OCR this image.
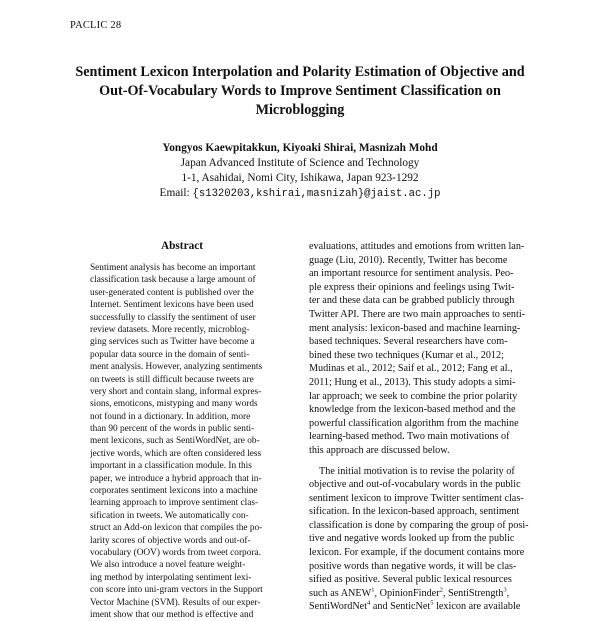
PACLIC 28
Sentiment Lexicon Interpolation and Polarity Estimation of Objective and
Out-Of-Vocabulary Words to Improve Sentiment Classification on
Microblogging
Yongyos Kaewpitakkun, Kiyoaki Shirai, Masnizah Mohd
Japan Advanced Institute of Science and Technology
1-1, Asahidai, Nomi City, Ishikawa, Japan 923-1292
Email: {s1320203,kshirai,masnizah}@jaist.ac.jp
Abstract
Sentiment analysis has become an important
classification task because a large amount of
user-generated content is published over the
Internet. Sentiment lexicons have been used
successfully to classify the sentiment of user
review datasets. More recently, microblog-
ging services such as Twitter have become a
popular data source in the domain of senti-
ment analysis. However, analyzing sentiments
on tweets is still difficult because tweets are
very short and contain slang, informal expres-
sions, emoticons, mistyping and many words
not found in a dictionary. In addition, more
than 90 percent of the words in public senti-
ment lexicons, such as SentiWordNet, are ob-
jective words, which are often considered less
important in a classification module. In this
paper, we introduce a hybrid approach that in-
corporates sentiment lexicons into a machine
learning approach to improve sentiment clas-
sification in tweets. We automatically con-
struct an Add-on lexicon that compiles the po-
larity scores of objective words and out-of-
vocabulary (OOV) words from tweet corpora.
We also introduce a novel feature weight-
ing method by interpolating sentiment lexi-
con score into uni-gram vectors in the Support
Vector Machine (SVM). Results of our exper-
iment show that our method is effective and
evaluations, attitudes and emotions from written lan-
guage (Liu, 2010). Recently, Twitter has become
an important resource for sentiment analysis. Peo-
ple express their opinions and feelings using Twit-
ter and these data can be grabbed publicly through
Twitter API. There are two main approaches to senti-
ment analysis: lexicon-based and machine learning-
based techniques. Several researchers have com-
bined these two techniques (Kumar et al., 2012;
Mudinas et al., 2012; Saif et al., 2012; Fang et al.,
2011; Hung et al., 2013). This study adopts a simi-
lar approach; we seek to combine the prior polarity
knowledge from the lexicon-based method and the
powerful classification algorithm from the machine
learning-based method. Two main motivations of
this approach are discussed below.
The initial motivation is to revise the polarity of
objective and out-of-vocabulary words in the public
sentiment lexicon to improve Twitter sentiment clas-
sification. In the lexicon-based approach, sentiment
classification is done by comparing the group of posi-
tive and negative words looked up from the public
lexicon. For example, if the document contains more
positive words than negative words, it will be clas-
sified as positive. Several public lexical resources
such as ANEW$^1$, OpinionFinder$^2$, SentiStrength$^3$,
SentiWordNet$^4$ and SenticNet$^5$ lexicon are available
